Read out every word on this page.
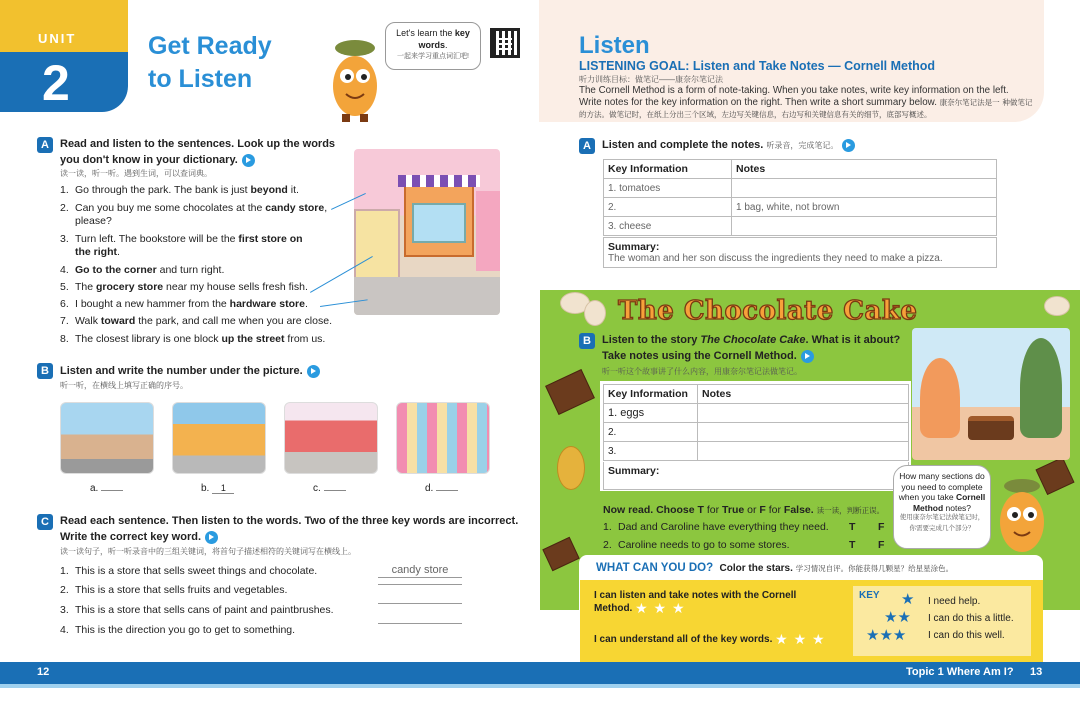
UNIT
2
Get Ready
to Listen
Let's learn the key
words.
一起来学习重点词汇吧!
A	Read and listen to the sentences. Look up the words
you don't know in your dictionary.
读一读，听一听。遇到生词，可以查词典。
1. Go through the park. The bank is just beyond it.
2. Can you buy me some chocolates at the candy store,
please?
3. Turn left. The bookstore will be the first store on
the right.
4. Go to the corner and turn right.
5. The grocery store near my house sells fresh fish.
6. I bought a new hammer from the hardware store.
7. Walk toward the park, and call me when you are close.
8. The closest library is one block up the street from us.
B	Listen and write the number under the picture.
听一听，在横线上填写正确的序号。
a.	b. 1	c.	d.
C	Read each sentence. Then listen to the words. Two of the three key words are incorrect.
Write the correct key word.
读一读句子，听一听录音中的三组关键词，将首句子描述相符的关键词写在横线上。
1. This is a store that sells sweet things and chocolate.	candy store
2. This is a store that sells fruits and vegetables.
3. This is a store that sells cans of paint and paintbrushes.
4. This is the direction you go to get to something.
Listen
LISTENING GOAL: Listen and Take Notes — Cornell Method
听力训练目标：做笔记——康奈尔笔记法
The Cornell Method is a form of note-taking. When you take notes, write key information on the left. Write notes for the key information on the right. Then write a short summary below. 康奈尔笔记法是一 种做笔记的方法。做笔记时，在纸上分出三个区域，左边写关键信息，右边写和关键信息有关的细节，底部写概述。
A	Listen and complete the notes. 听录音，完成笔记。
Key Information	Notes
1. tomatoes	
2.	1 bag, white, not brown
3. cheese	
Summary:
The woman and her son discuss the ingredients they need to make a pizza.
The Chocolate Cake
B	Listen to the story The Chocolate Cake. What is it about?
Take notes using the Cornell Method.
听一听这个故事讲了什么内容，用康奈尔笔记法做笔记。
Key Information	Notes
1. eggs	
2.	
3.	
Summary:	How many sections do you need to complete when you take Cornell Method notes?
使用康奈尔笔记法做笔记时，你需要完成几个部分？
Now read. Choose T for True or F for False. 读一读，判断正误。
1. Dad and Caroline have everything they need. T F
2. Caroline needs to go to some stores.	T F
WHAT CAN YOU DO? Color the stars. 学习情况自评。你能获得几颗星？给星星涂色。
I can listen and take notes with the Cornell Method. ★ ★ ★
I can understand all of the key words. ★ ★ ★
KEY ★ I need help.
★★ I can do this a little.
★★★ I can do this well.
12	Topic 1 Where Am I? 13
